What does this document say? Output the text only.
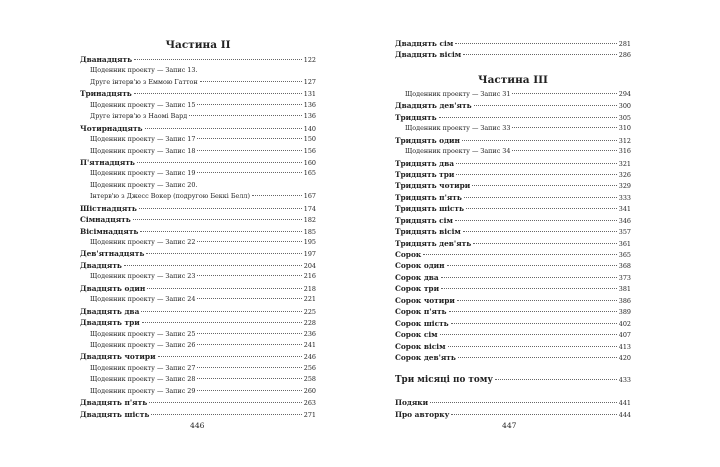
Частина ІІ
Дванадцять	122
Щоденник проекту — Запис 13.
Друге інтерв'ю з Еммою Гаттон	127
Тринадцять	131
Щоденник проекту — Запис 15	136
Друге інтерв'ю з Наомі Вард	136
Чотирнадцять	140
Щоденник проекту — Запис 17	150
Щоденник проекту — Запис 18	156
П'ятнадцять	160
Щоденник проекту — Запис 19	165
Щоденник проекту — Запис 20.
Інтерв'ю з Джесс Вокер (подругою Беккі Белл)	167
Шістнадцять	174
Сімнадцять	182
Вісімнадцять	185
Щоденник проекту — Запис 22	195
Дев'ятнадцять	197
Двадцять	204
Щоденник проекту — Запис 23	216
Двадцять один	218
Щоденник проекту — Запис 24	221
Двадцять два	225
Двадцять три	228
Щоденник проекту — Запис 25	236
Щоденник проекту — Запис 26	241
Двадцять чотири	246
Щоденник проекту — Запис 27	256
Щоденник проекту — Запис 28	258
Щоденник проекту — Запис 29	260
Двадцять п'ять	263
Двадцять шість	271
Двадцять сім	281
Двадцять вісім	286
Частина ІІІ
Щоденник проекту — Запис 31	294
Двадцять дев'ять	300
Тридцять	305
Щоденник проекту — Запис 33	310
Тридцять один	312
Щоденник проекту — Запис 34	316
Тридцять два	321
Тридцять три	326
Тридцять чотири	329
Тридцять п'ять	333
Тридцять шість	341
Тридцять сім	346
Тридцять вісім	357
Тридцять дев'ять	361
Сорок	365
Сорок один	368
Сорок два	373
Сорок три	381
Сорок чотири	386
Сорок п'ять	389
Сорок шість	402
Сорок сім	407
Сорок вісім	413
Сорок дев'ять	420
Три місяці по тому	433
Подяки	441
Про авторку	444
446	447
